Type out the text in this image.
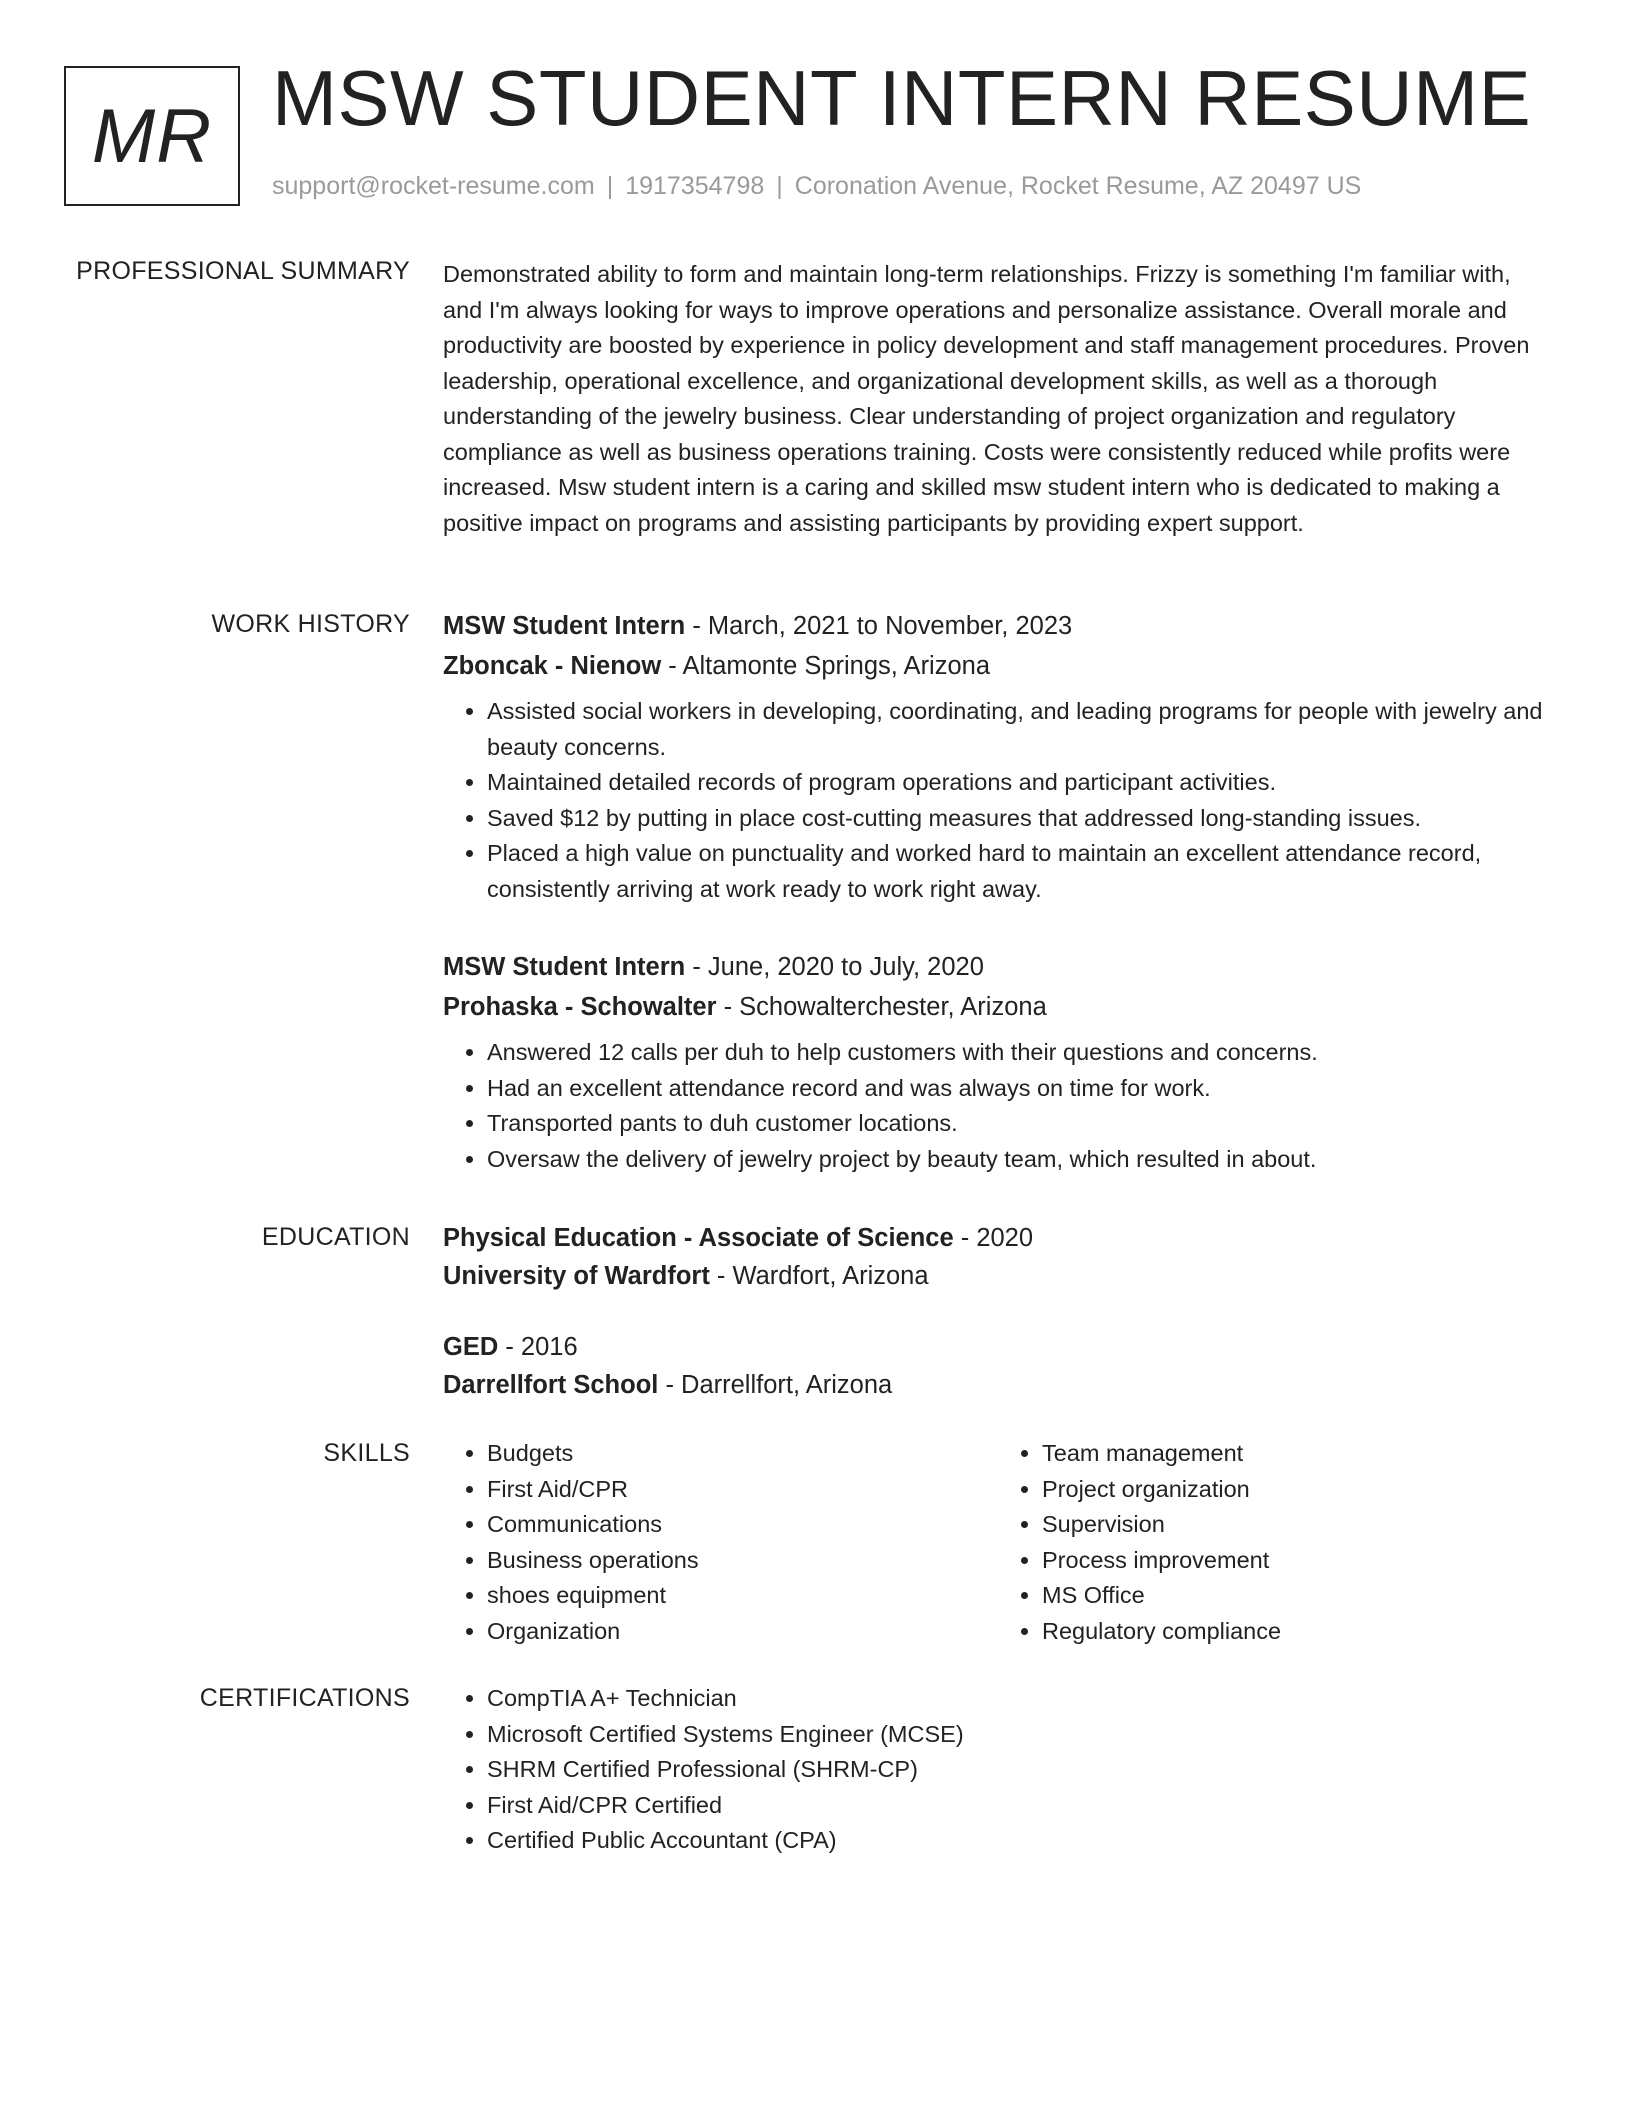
MR MSW STUDENT INTERN RESUME
support@rocket-resume.com | 1917354798 | Coronation Avenue, Rocket Resume, AZ 20497 US
PROFESSIONAL SUMMARY Demonstrated ability to form and maintain long-term relationships. Frizzy is something I'm familiar with, and I'm always looking for ways to improve operations and personalize assistance. Overall morale and productivity are boosted by experience in policy development and staff management procedures. Proven leadership, operational excellence, and organizational development skills, as well as a thorough understanding of the jewelry business. Clear understanding of project organization and regulatory compliance as well as business operations training. Costs were consistently reduced while profits were increased. Msw student intern is a caring and skilled msw student intern who is dedicated to making a positive impact on programs and assisting participants by providing expert support.
WORK HISTORY MSW Student Intern - March, 2021 to November, 2023
Zboncak - Nienow - Altamonte Springs, Arizona
• Assisted social workers in developing, coordinating, and leading programs for people with jewelry and beauty concerns.
• Maintained detailed records of program operations and participant activities.
• Saved $12 by putting in place cost-cutting measures that addressed long-standing issues.
• Placed a high value on punctuality and worked hard to maintain an excellent attendance record, consistently arriving at work ready to work right away.
MSW Student Intern - June, 2020 to July, 2020
Prohaska - Schowalter - Schowalterchester, Arizona
• Answered 12 calls per duh to help customers with their questions and concerns.
• Had an excellent attendance record and was always on time for work.
• Transported pants to duh customer locations.
• Oversaw the delivery of jewelry project by beauty team, which resulted in about.
EDUCATION Physical Education - Associate of Science - 2020
University of Wardfort - Wardfort, Arizona
GED - 2016
Darrellfort School - Darrellfort, Arizona
SKILLS	• Budgets
• First Aid/CPR
• Communications
• Business operations
• shoes equipment
• Organization
• Team management
• Project organization
• Supervision
• Process improvement
• MS Office
• Regulatory compliance
CERTIFICATIONS	• CompTIA A+ Technician
• Microsoft Certified Systems Engineer (MCSE)
• SHRM Certified Professional (SHRM-CP)
• First Aid/CPR Certified
• Certified Public Accountant (CPA)
